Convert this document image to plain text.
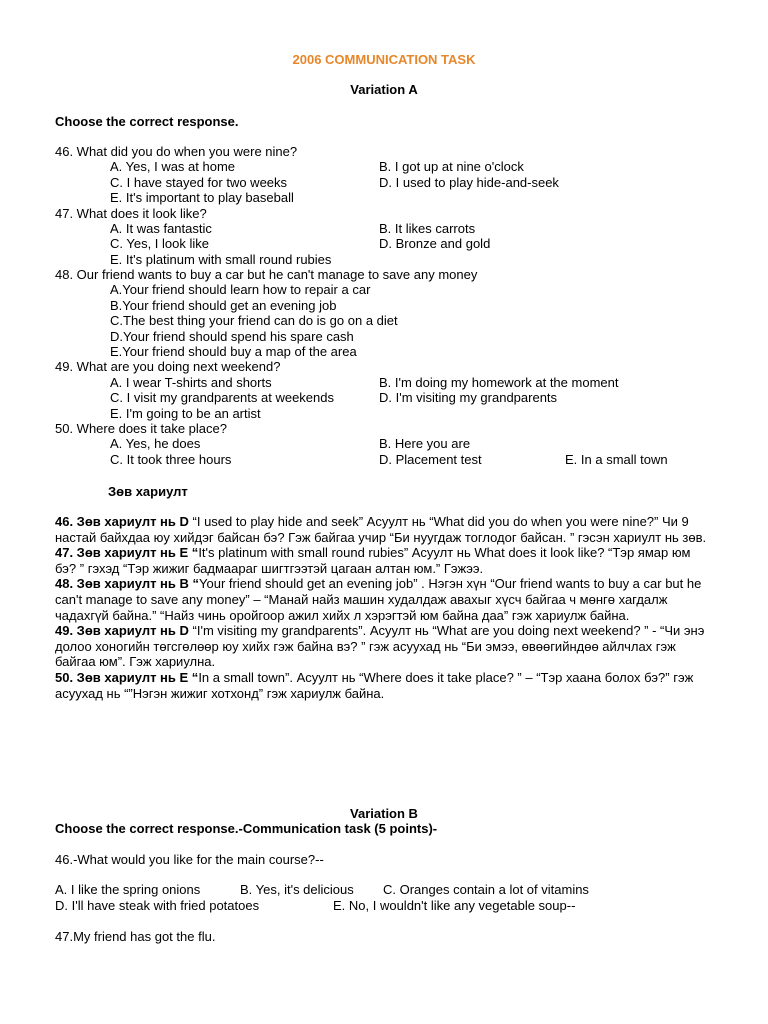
2006 COMMUNICATION TASK
Variation A
Choose the correct response.
46. What did you do when you were nine?
A. Yes, I was at home	B. I got up at nine o'clock
C. I have stayed for two weeks	D. I used to play hide-and-seek
E. It's important to play baseball
47. What does it look like?
A. It was fantastic	B. It likes carrots
C. Yes, I look like	D. Bronze and gold
E. It's platinum with small round rubies
48. Our friend wants to buy a car but he can't manage to save any money
A.Your friend should learn how to repair a car
B.Your friend should get an evening job
C.The best thing your friend can do is go on a diet
D.Your friend should spend his spare cash
E.Your friend should buy a map of the area
49. What are you doing next weekend?
A. I wear T-shirts and shorts	B. I'm doing my homework at the moment
C. I visit my grandparents at weekends	D. I'm visiting my grandparents
E. I'm going to be an artist
50. Where does it take place?
A. Yes, he does	B. Here you are
C. It took three hours	D. Placement test	E. In a small town
Зөв хариулт

46. Зөв хариулт нь D “I used to play hide and seek” Асуулт нь “What did you do when you were nine?” Чи 9 настай байхдаа юу хийдэг байсан бэ? Гэж байгаа учир “Би нуугдаж тоглодог байсан. ” гэсэн хариулт нь зөв.

47. Зөв хариулт нь E “It's platinum with small round rubies” Асуулт нь What does it look like? “Тэр ямар юм бэ? ” гэхэд “Тэр жижиг бадмаараг шигтгээтэй цагаан алтан юм.” Гэжээ.

48. Зөв хариулт нь B “Your friend should get an evening job” . Нэгэн хүн “Our friend wants to buy a car but he can't manage to save any money” – “Манай найз машин худалдаж авахыг хүсч байгаа ч мөнгө хагдалж чадахгүй байна.” “Найз чинь оройгоор ажил хийх л хэрэгтэй юм байна даа” гэж хариулж байна.

49. Зөв хариулт нь D “I'm visiting my grandparents”. Асуулт нь “What are you doing next weekend? ” - “Чи энэ долоо хоногийн төгсгөлөөр юу хийх гэж байна вэ? ” гэж асуухад нь “Би эмээ, өвөөгийндөө айлчлах гэж байгаа юм”. Гэж хариулна.

50. Зөв хариулт нь E “In a small town”. Асуулт нь “Where does it take place? ” – “Тэр хаана болох бэ?” гэж асуухад нь “”Нэгэн жижиг хотхонд” гэж хариулж байна.

Variation B
Choose the correct response.-Communication task (5 points)-
46.-What would you like for the main course?--
A. I like the spring onions	B. Yes, it's delicious C. Oranges contain a lot of vitamins
D. I'll have steak with fried potatoes	E. No, I wouldn't like any vegetable soup--
47.My friend has got the flu.
